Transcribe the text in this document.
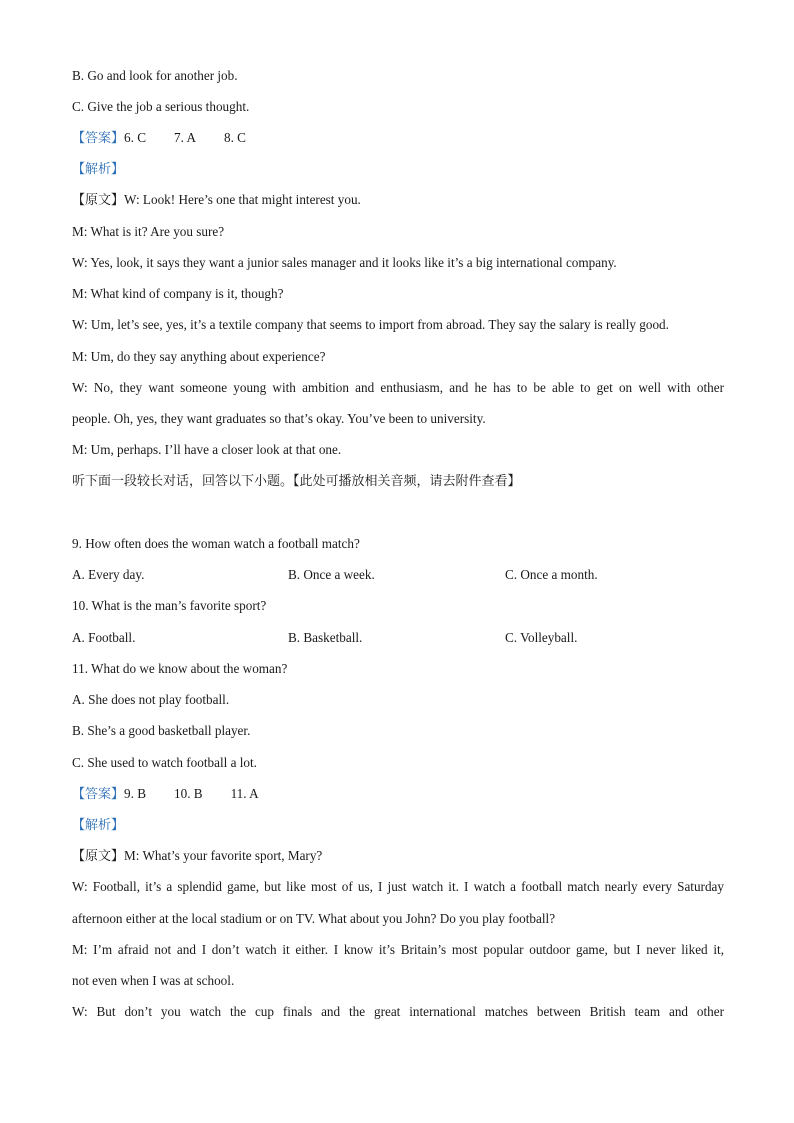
B. Go and look for another job.
C. Give the job a serious thought.
【答案】6. C 7. A 8. C
【解析】
【原文】W: Look! Here’s one that might interest you.
M: What is it? Are you sure?
W: Yes, look, it says they want a junior sales manager and it looks like it’s a big international company.
M: What kind of company is it, though?
W: Um, let’s see, yes, it’s a textile company that seems to import from abroad. They say the salary is really good.
M: Um, do they say anything about experience?
W: No, they want someone young with ambition and enthusiasm, and he has to be able to get on well with other
people. Oh, yes, they want graduates so that’s okay. You’ve been to university.
M: Um, perhaps. I’ll have a closer look at that one.
听下面一段较长对话，回答以下小题。【此处可播放相关音频，请去附件查看】
9. How often does the woman watch a football match?
A. Every day.	B. Once a week.	C. Once a month.
10. What is the man’s favorite sport?
A. Football.	B. Basketball.	C. Volleyball.
11. What do we know about the woman?
A. She does not play football.
B. She’s a good basketball player.
C. She used to watch football a lot.
【答案】9. B 10. B 11. A
【解析】
【原文】M: What’s your favorite sport, Mary?
W: Football, it’s a splendid game, but like most of us, I just watch it. I watch a football match nearly every Saturday
afternoon either at the local stadium or on TV. What about you John? Do you play football?
M: I’m afraid not and I don’t watch it either. I know it’s Britain’s most popular outdoor game, but I never liked it,
not even when I was at school.
W: But don’t you watch the cup finals and the great international matches between British team and other
